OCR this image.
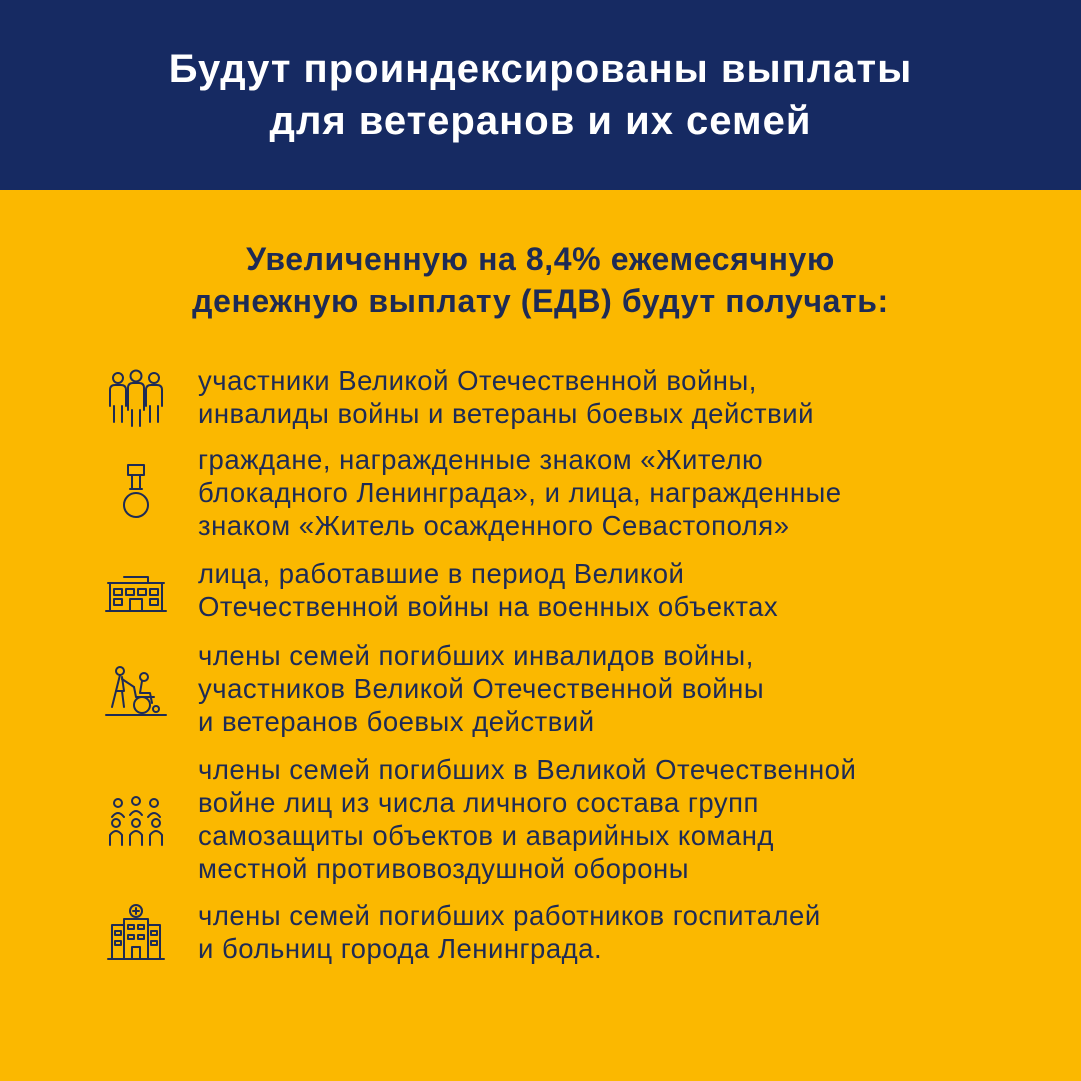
Будут проиндексированы выплаты
для ветеранов и их семей
Увеличенную на 8,4% ежемесячную
денежную выплату (ЕДВ) будут получать:
участники Великой Отечественной войны,
инвалиды войны и ветераны боевых действий
граждане, награжденные знаком «Жителю
блокадного Ленинграда», и лица, награжденные
знаком «Житель осажденного Севастополя»
лица, работавшие в период Великой
Отечественной войны на военных объектах
члены семей погибших инвалидов войны,
участников Великой Отечественной войны
и ветеранов боевых действий
члены семей погибших в Великой Отечественной
войне лиц из числа личного состава групп
самозащиты объектов и аварийных команд
местной противовоздушной обороны
члены семей погибших работников госпиталей
и больниц города Ленинграда.
